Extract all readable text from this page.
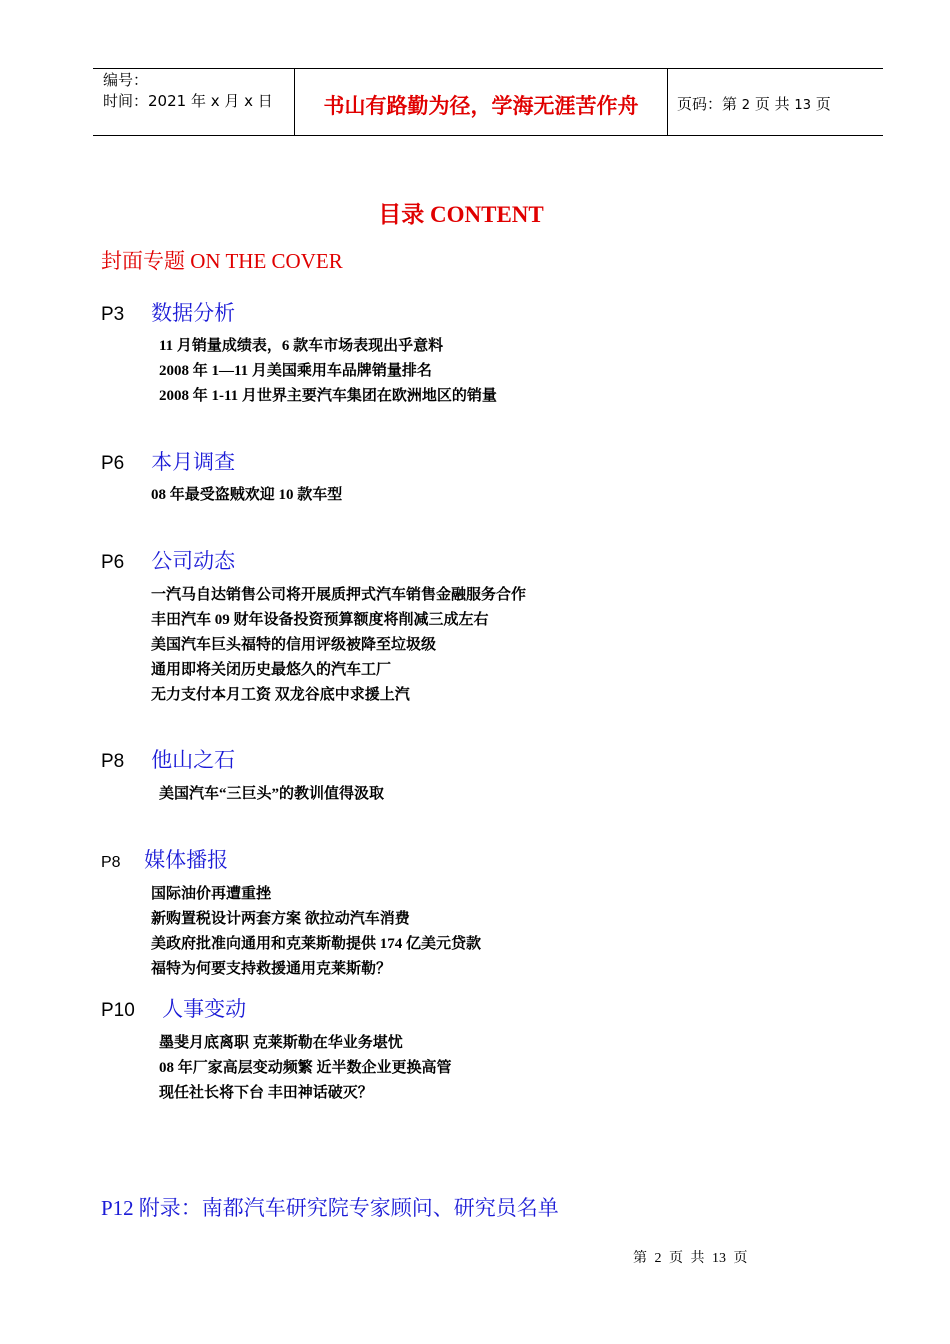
编号：
时间：2021 年 x 月 x 日	书山有路勤为径，学海无涯苦作舟	页码：第 2 页 共 13 页
目录 CONTENT
封面专题 ON THE COVER
P3 数据分析
11 月销量成绩表，6 款车市场表现出乎意料
2008 年 1—11 月美国乘用车品牌销量排名
2008 年 1-11 月世界主要汽车集团在欧洲地区的销量
P6 本月调查
08 年最受盗贼欢迎 10 款车型
P6 公司动态
一汽马自达销售公司将开展质押式汽车销售金融服务合作
丰田汽车 09 财年设备投资预算额度将削减三成左右
美国汽车巨头福特的信用评级被降至垃圾级
通用即将关闭历史最悠久的汽车工厂
无力支付本月工资 双龙谷底中求援上汽
P8 他山之石
美国汽车“三巨头”的教训值得汲取
P8 媒体播报
国际油价再遭重挫
新购置税设计两套方案 欲拉动汽车消费
美政府批准向通用和克莱斯勒提供 174 亿美元贷款
福特为何要支持救援通用克莱斯勒？
P10 人事变动
墨斐月底离职 克莱斯勒在华业务堪忧
08 年厂家高层变动频繁 近半数企业更换高管
现任社长将下台 丰田神话破灭？
P12 附录：南都汽车研究院专家顾问、研究员名单
第 2 页 共 13 页
